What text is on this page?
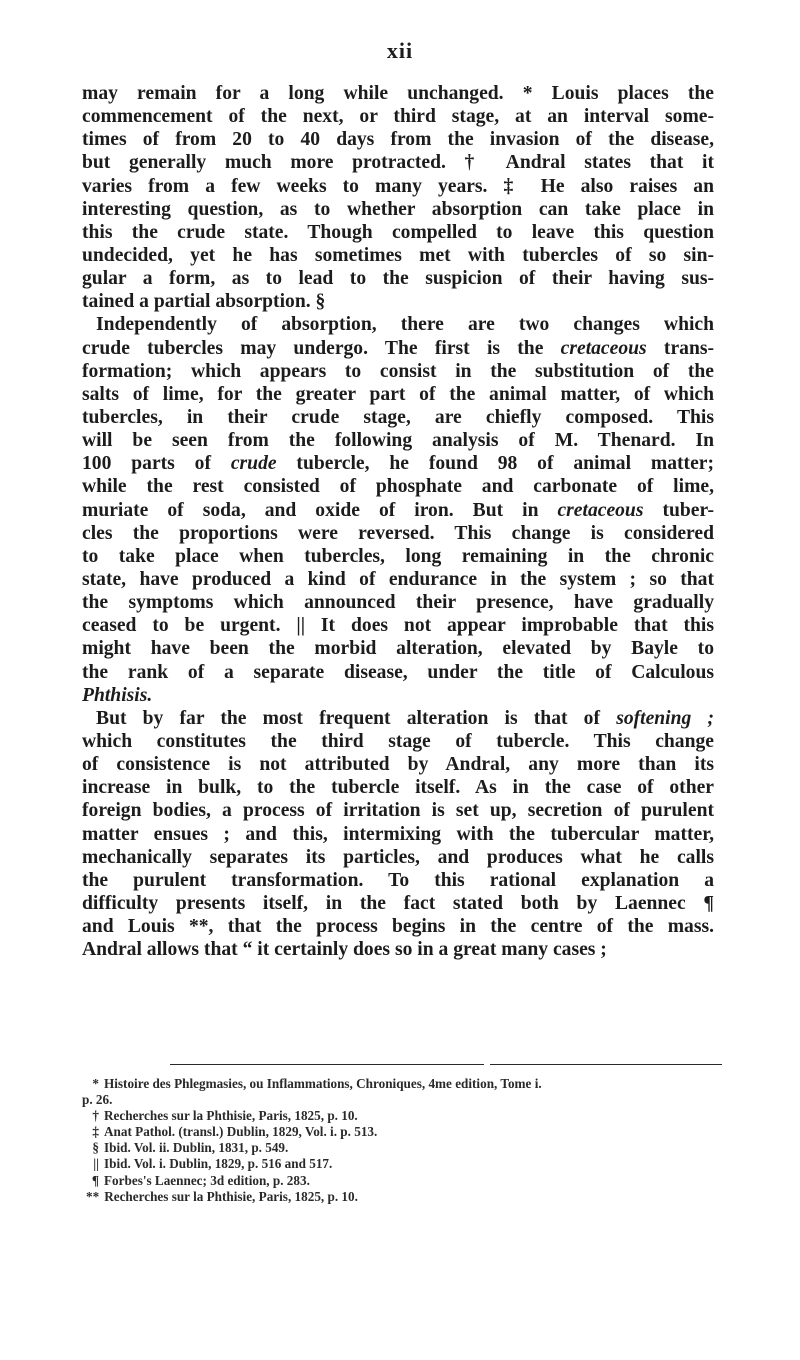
xii
may remain for a long while unchanged. * Louis places the
commencement of the next, or third stage, at an interval some-
times of from 20 to 40 days from the invasion of the disease,
but generally much more protracted. † Andral states that it
varies from a few weeks to many years. ‡ He also raises an
interesting question, as to whether absorption can take place in
this the crude state. Though compelled to leave this question
undecided, yet he has sometimes met with tubercles of so sin-
gular a form, as to lead to the suspicion of their having sus-
tained a partial absorption. §
Independently of absorption, there are two changes which
crude tubercles may undergo. The first is the cretaceous trans-
formation; which appears to consist in the substitution of the
salts of lime, for the greater part of the animal matter, of which
tubercles, in their crude stage, are chiefly composed. This
will be seen from the following analysis of M. Thenard. In
100 parts of crude tubercle, he found 98 of animal matter;
while the rest consisted of phosphate and carbonate of lime,
muriate of soda, and oxide of iron. But in cretaceous tuber-
cles the proportions were reversed. This change is considered
to take place when tubercles, long remaining in the chronic
state, have produced a kind of endurance in the system ; so that
the symptoms which announced their presence, have gradually
ceased to be urgent. || It does not appear improbable that this
might have been the morbid alteration, elevated by Bayle to
the rank of a separate disease, under the title of Calculous
Phthisis.
But by far the most frequent alteration is that of softening ;
which constitutes the third stage of tubercle. This change
of consistence is not attributed by Andral, any more than its
increase in bulk, to the tubercle itself. As in the case of other
foreign bodies, a process of irritation is set up, secretion of purulent
matter ensues ; and this, intermixing with the tubercular matter,
mechanically separates its particles, and produces what he calls
the purulent transformation. To this rational explanation a
difficulty presents itself, in the fact stated both by Laennec ¶
and Louis **, that the process begins in the centre of the mass.
Andral allows that “ it certainly does so in a great many cases ;
* Histoire des Phlegmasies, ou Inflammations, Chroniques, 4me edition, Tome i.
p. 26.
† Recherches sur la Phthisie, Paris, 1825, p. 10.
‡ Anat Pathol. (transl.) Dublin, 1829, Vol. i. p. 513.
§ Ibid. Vol. ii. Dublin, 1831, p. 549.
|| Ibid. Vol. i. Dublin, 1829, p. 516 and 517.
¶ Forbes's Laennec; 3d edition, p. 283.
** Recherches sur la Phthisie, Paris, 1825, p. 10.
